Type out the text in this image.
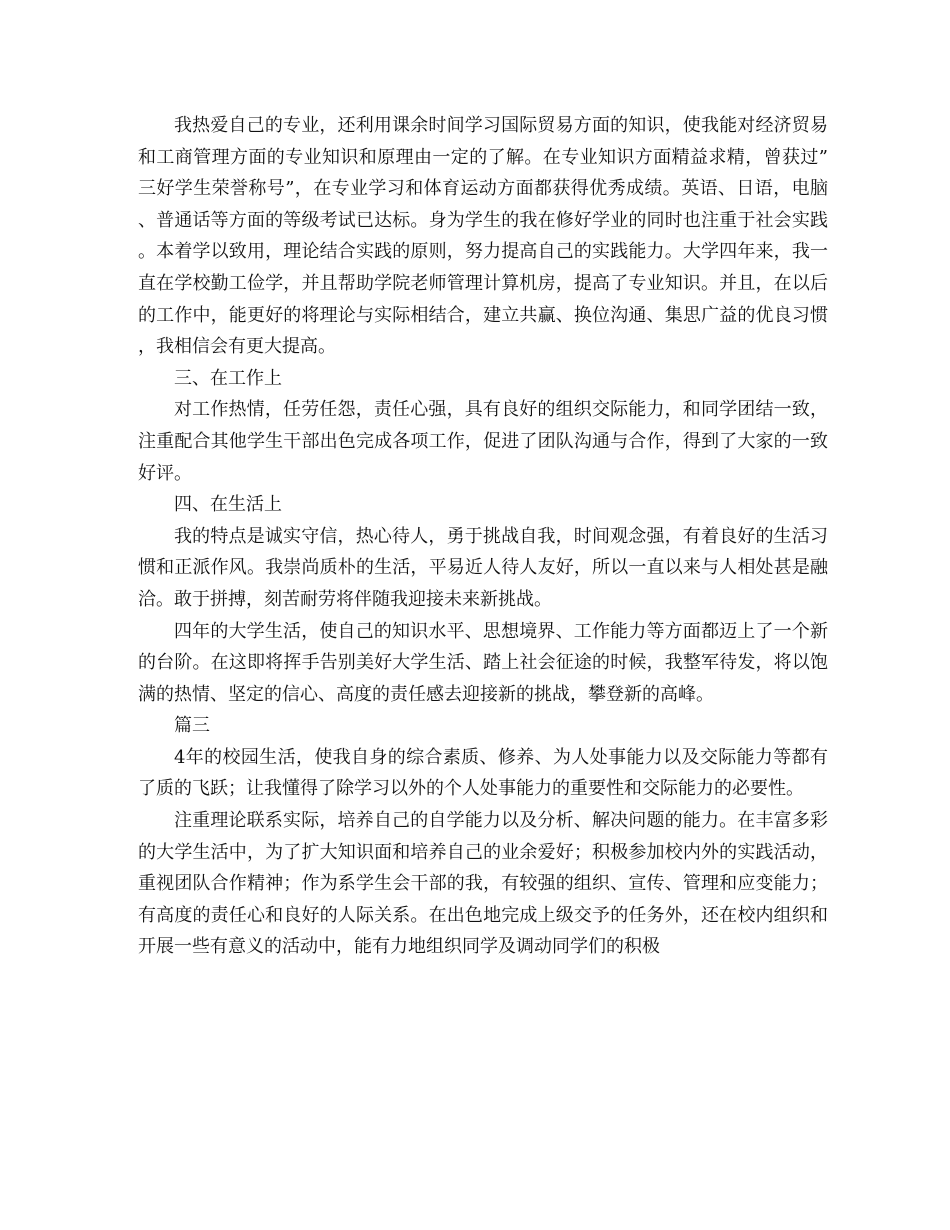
我热爱自己的专业，还利用课余时间学习国际贸易方面的知识，使我能对经济贸易和工商管理方面的专业知识和原理由一定的了解。在专业知识方面精益求精，曾获过”三好学生荣誉称号”，在专业学习和体育运动方面都获得优秀成绩。英语、日语，电脑、普通话等方面的等级考试已达标。身为学生的我在修好学业的同时也注重于社会实践。本着学以致用，理论结合实践的原则，努力提高自己的实践能力。大学四年来，我一直在学校勤工俭学，并且帮助学院老师管理计算机房，提高了专业知识。并且，在以后的工作中，能更好的将理论与实际相结合，建立共赢、换位沟通、集思广益的优良习惯，我相信会有更大提高。

三、在工作上

对工作热情，任劳任怨，责任心强，具有良好的组织交际能力，和同学团结一致，注重配合其他学生干部出色完成各项工作，促进了团队沟通与合作，得到了大家的一致好评。

四、在生活上

我的特点是诚实守信，热心待人，勇于挑战自我，时间观念强，有着良好的生活习惯和正派作风。我崇尚质朴的生活，平易近人待人友好，所以一直以来与人相处甚是融洽。敢于拼搏，刻苦耐劳将伴随我迎接未来新挑战。

四年的大学生活，使自己的知识水平、思想境界、工作能力等方面都迈上了一个新的台阶。在这即将挥手告别美好大学生活、踏上社会征途的时候，我整军待发，将以饱满的热情、坚定的信心、高度的责任感去迎接新的挑战，攀登新的高峰。

篇三

4年的校园生活，使我自身的综合素质、修养、为人处事能力以及交际能力等都有了质的飞跃；让我懂得了除学习以外的个人处事能力的重要性和交际能力的必要性。

注重理论联系实际，培养自己的自学能力以及分析、解决问题的能力。在丰富多彩的大学生活中，为了扩大知识面和培养自己的业余爱好；积极参加校内外的实践活动，重视团队合作精神；作为系学生会干部的我，有较强的组织、宣传、管理和应变能力；有高度的责任心和良好的人际关系。在出色地完成上级交予的任务外，还在校内组织和开展一些有意义的活动中，能有力地组织同学及调动同学们的积极
